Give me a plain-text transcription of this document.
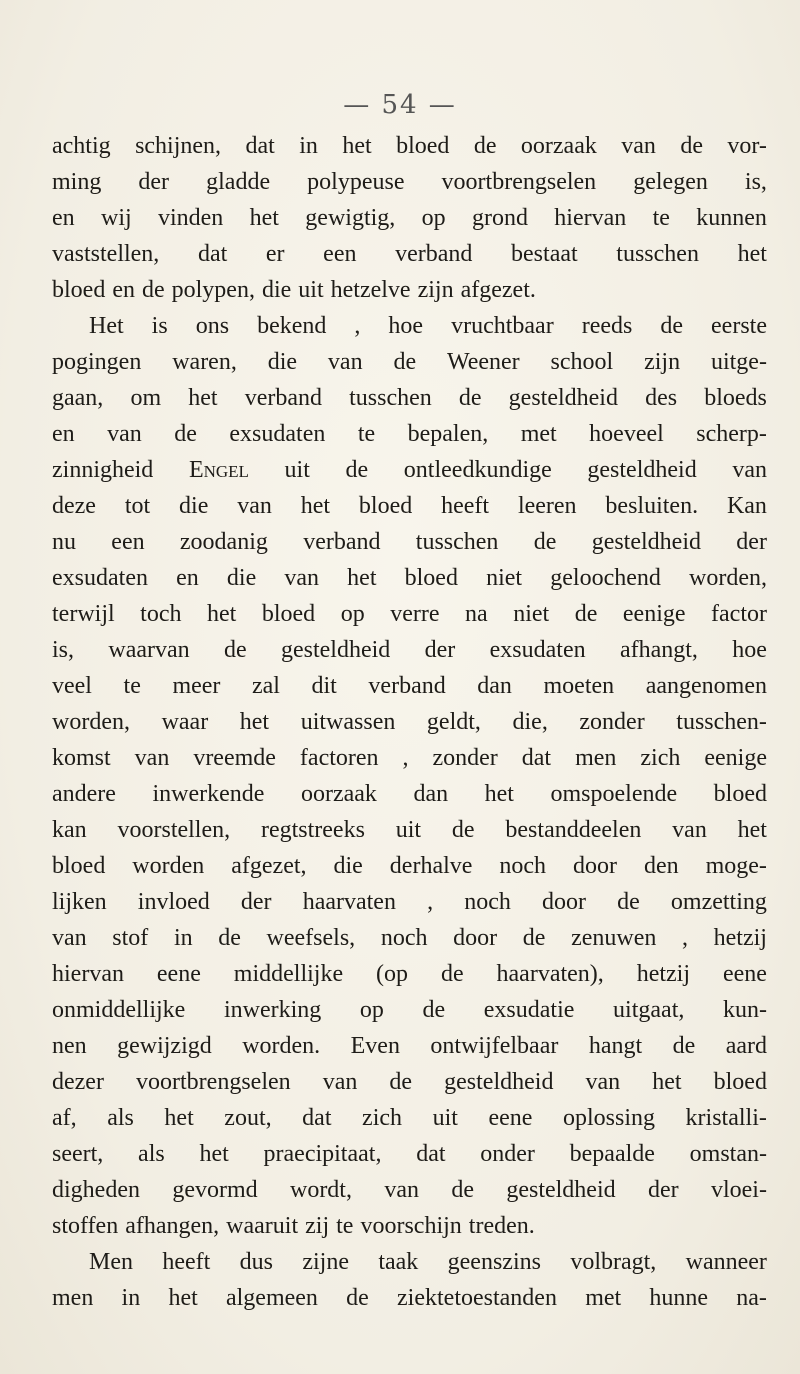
— 54 —
achtig schijnen, dat in het bloed de oorzaak van de vor-
ming der gladde polypeuse voortbrengselen gelegen is,
en wij vinden het gewigtig, op grond hiervan te kunnen
vaststellen, dat er een verband bestaat tusschen het
bloed en de polypen, die uit hetzelve zijn afgezet.
Het is ons bekend , hoe vruchtbaar reeds de eerste
pogingen waren, die van de Weener school zijn uitge-
gaan, om het verband tusschen de gesteldheid des bloeds
en van de exsudaten te bepalen, met hoeveel scherp-
zinnigheid Engel uit de ontleedkundige gesteldheid van
deze tot die van het bloed heeft leeren besluiten. Kan
nu een zoodanig verband tusschen de gesteldheid der
exsudaten en die van het bloed niet geloochend worden,
terwijl toch het bloed op verre na niet de eenige factor
is, waarvan de gesteldheid der exsudaten afhangt, hoe
veel te meer zal dit verband dan moeten aangenomen
worden, waar het uitwassen geldt, die, zonder tusschen-
komst van vreemde factoren , zonder dat men zich eenige
andere inwerkende oorzaak dan het omspoelende bloed
kan voorstellen, regtstreeks uit de bestanddeelen van het
bloed worden afgezet, die derhalve noch door den moge-
lijken invloed der haarvaten , noch door de omzetting
van stof in de weefsels, noch door de zenuwen , hetzij
hiervan eene middellijke (op de haarvaten), hetzij eene
onmiddellijke inwerking op de exsudatie uitgaat, kun-
nen gewijzigd worden. Even ontwijfelbaar hangt de aard
dezer voortbrengselen van de gesteldheid van het bloed
af, als het zout, dat zich uit eene oplossing kristalli-
seert, als het praecipitaat, dat onder bepaalde omstan-
digheden gevormd wordt, van de gesteldheid der vloei-
stoffen afhangen, waaruit zij te voorschijn treden.
Men heeft dus zijne taak geenszins volbragt, wanneer
men in het algemeen de ziektetoestanden met hunne na-
